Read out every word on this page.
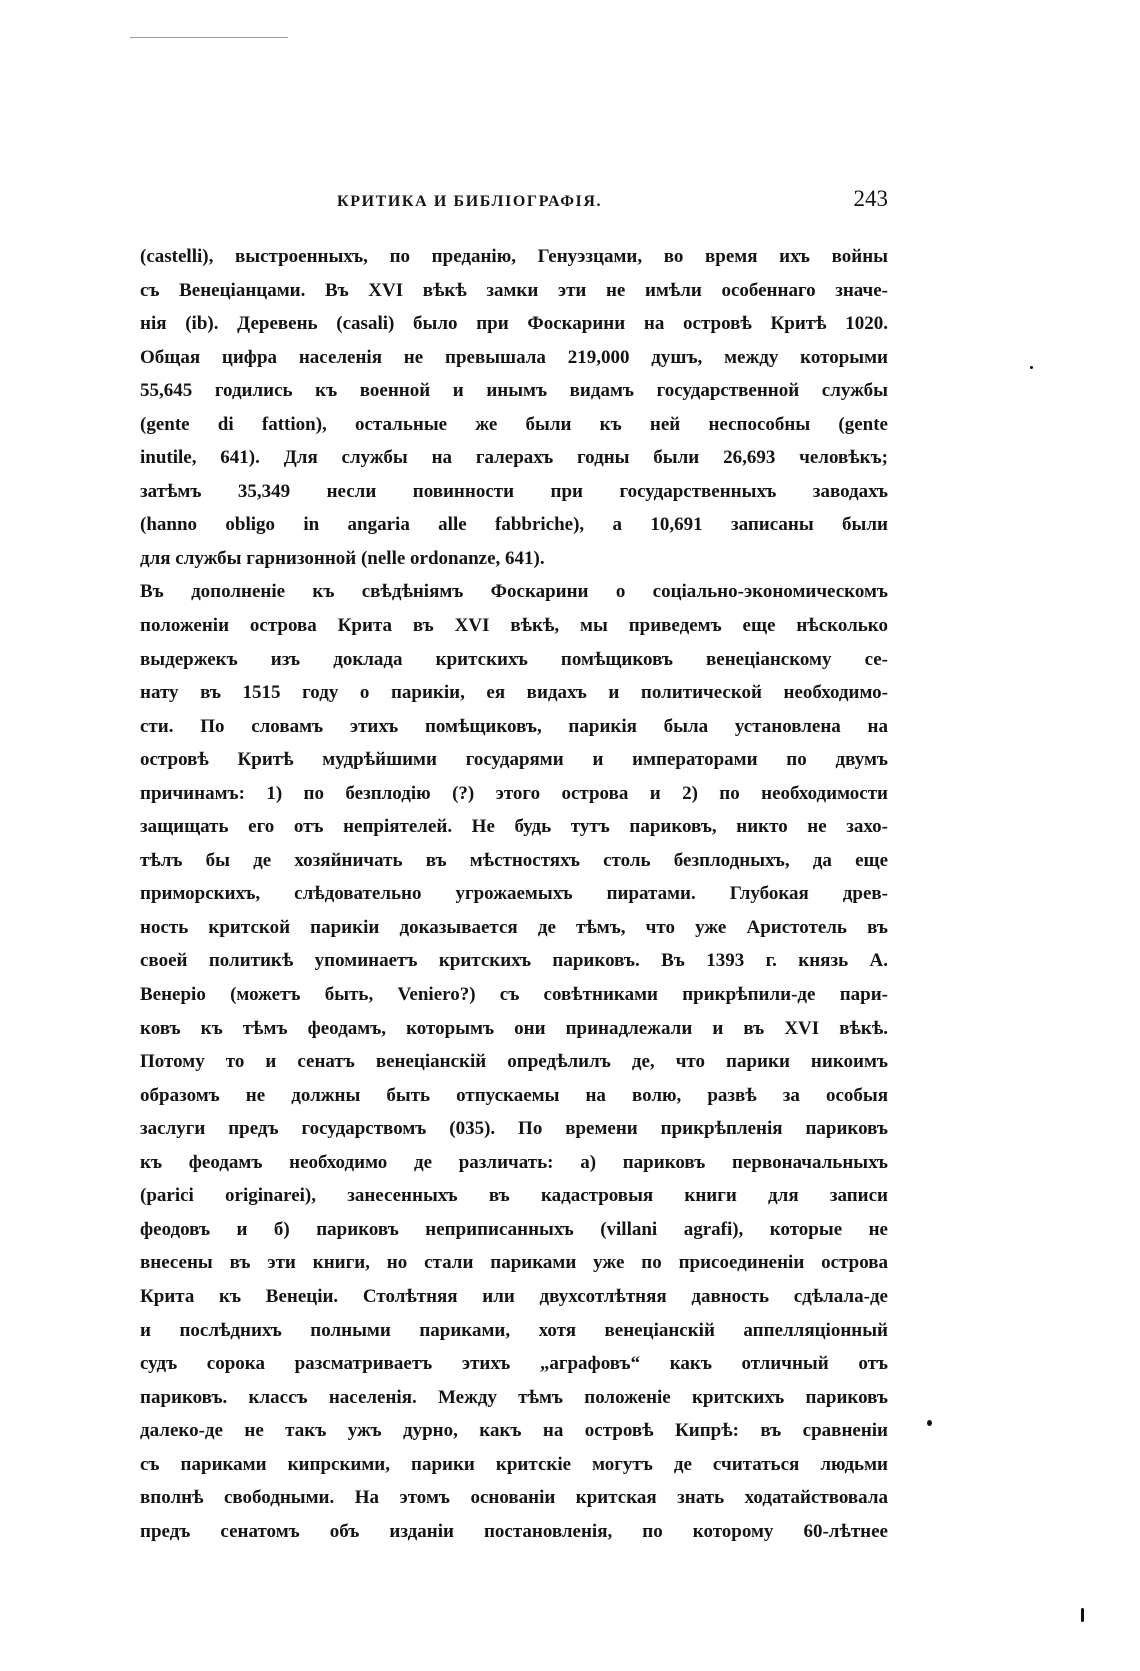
КРИТИКА И БИБЛІОГРАФІЯ.	243
(castelli), выстроенныхъ, по преданію, Генуэзцами, во время ихъ войны
съ Венеціанцами. Въ XVI вѣкѣ замки эти не имѣли особеннаго значе-
нія (ib). Деревень (casali) было при Фоскарини на островѣ Критѣ 1020.
Общая цифра населенія не превышала 219,000 душъ, между которыми
55,645 годились къ военной и инымъ видамъ государственной службы
(gente di fattion), остальные же были къ ней неспособны (gente
inutile, 641). Для службы на галерахъ годны были 26,693 человѣкъ;
затѣмъ 35,349 несли повинности при государственныхъ заводахъ
(hanno obligo in angaria alle fabbriche), а 10,691 записаны были
для службы гарнизонной (nelle ordonanze, 641).
Въ дополненіе къ свѣдѣніямъ Фоскарини о соціально-экономическомъ
положеніи острова Крита въ XVI вѣкѣ, мы приведемъ еще нѣсколько
выдержекъ изъ доклада критскихъ помѣщиковъ венеціанскому се-
нату въ 1515 году о парикіи, ея видахъ и политической необходимо-
сти. По словамъ этихъ помѣщиковъ, парикія была установлена на
островѣ Критѣ мудрѣйшими государями и императорами по двумъ
причинамъ: 1) по безплодію (?) этого острова и 2) по необходимости
защищать его отъ непріятелей. Не будь тутъ париковъ, никто не захо-
тѣлъ бы де хозяйничать въ мѣстностяхъ столь безплодныхъ, да еще
приморскихъ, слѣдовательно угрожаемыхъ пиратами. Глубокая древ-
ность критской парикіи доказывается де тѣмъ, что уже Аристотель въ
своей политикѣ упоминаетъ критскихъ париковъ. Въ 1393 г. князь А.
Венеріо (можетъ быть, Veniero?) съ совѣтниками прикрѣпили-де пари-
ковъ къ тѣмъ феодамъ, которымъ они принадлежали и въ XVI вѣкѣ.
Потому то и сенатъ венеціанскій опредѣлилъ де, что парики никоимъ
образомъ не должны быть отпускаемы на волю, развѣ за особыя
заслуги предъ государствомъ (035). По времени прикрѣпленія париковъ
къ феодамъ необходимо де различать: а) париковъ первоначальныхъ
(parici originarei), занесенныхъ въ кадастровыя книги для записи
феодовъ и б) париковъ неприписанныхъ (villani agrafi), которые не
внесены въ эти книги, но стали париками уже по присоединеніи острова
Крита къ Венеціи. Столѣтняя или двухсотлѣтняя давность сдѣлала-де
и послѣднихъ полными париками, хотя венеціанскій аппелляціонный
судъ сорока разсматриваетъ этихъ „аграфовъ“ какъ отличный отъ
париковъ. классъ населенія. Между тѣмъ положеніе критскихъ париковъ
далеко-де не такъ ужъ дурно, какъ на островѣ Кипрѣ: въ сравненіи
съ париками кипрскими, парики критскіе могутъ де считаться людьми
вполнѣ свободными. На этомъ основаніи критская знать ходатайствовала
предъ сенатомъ объ изданіи постановленія, по которому 60-лѣтнее
